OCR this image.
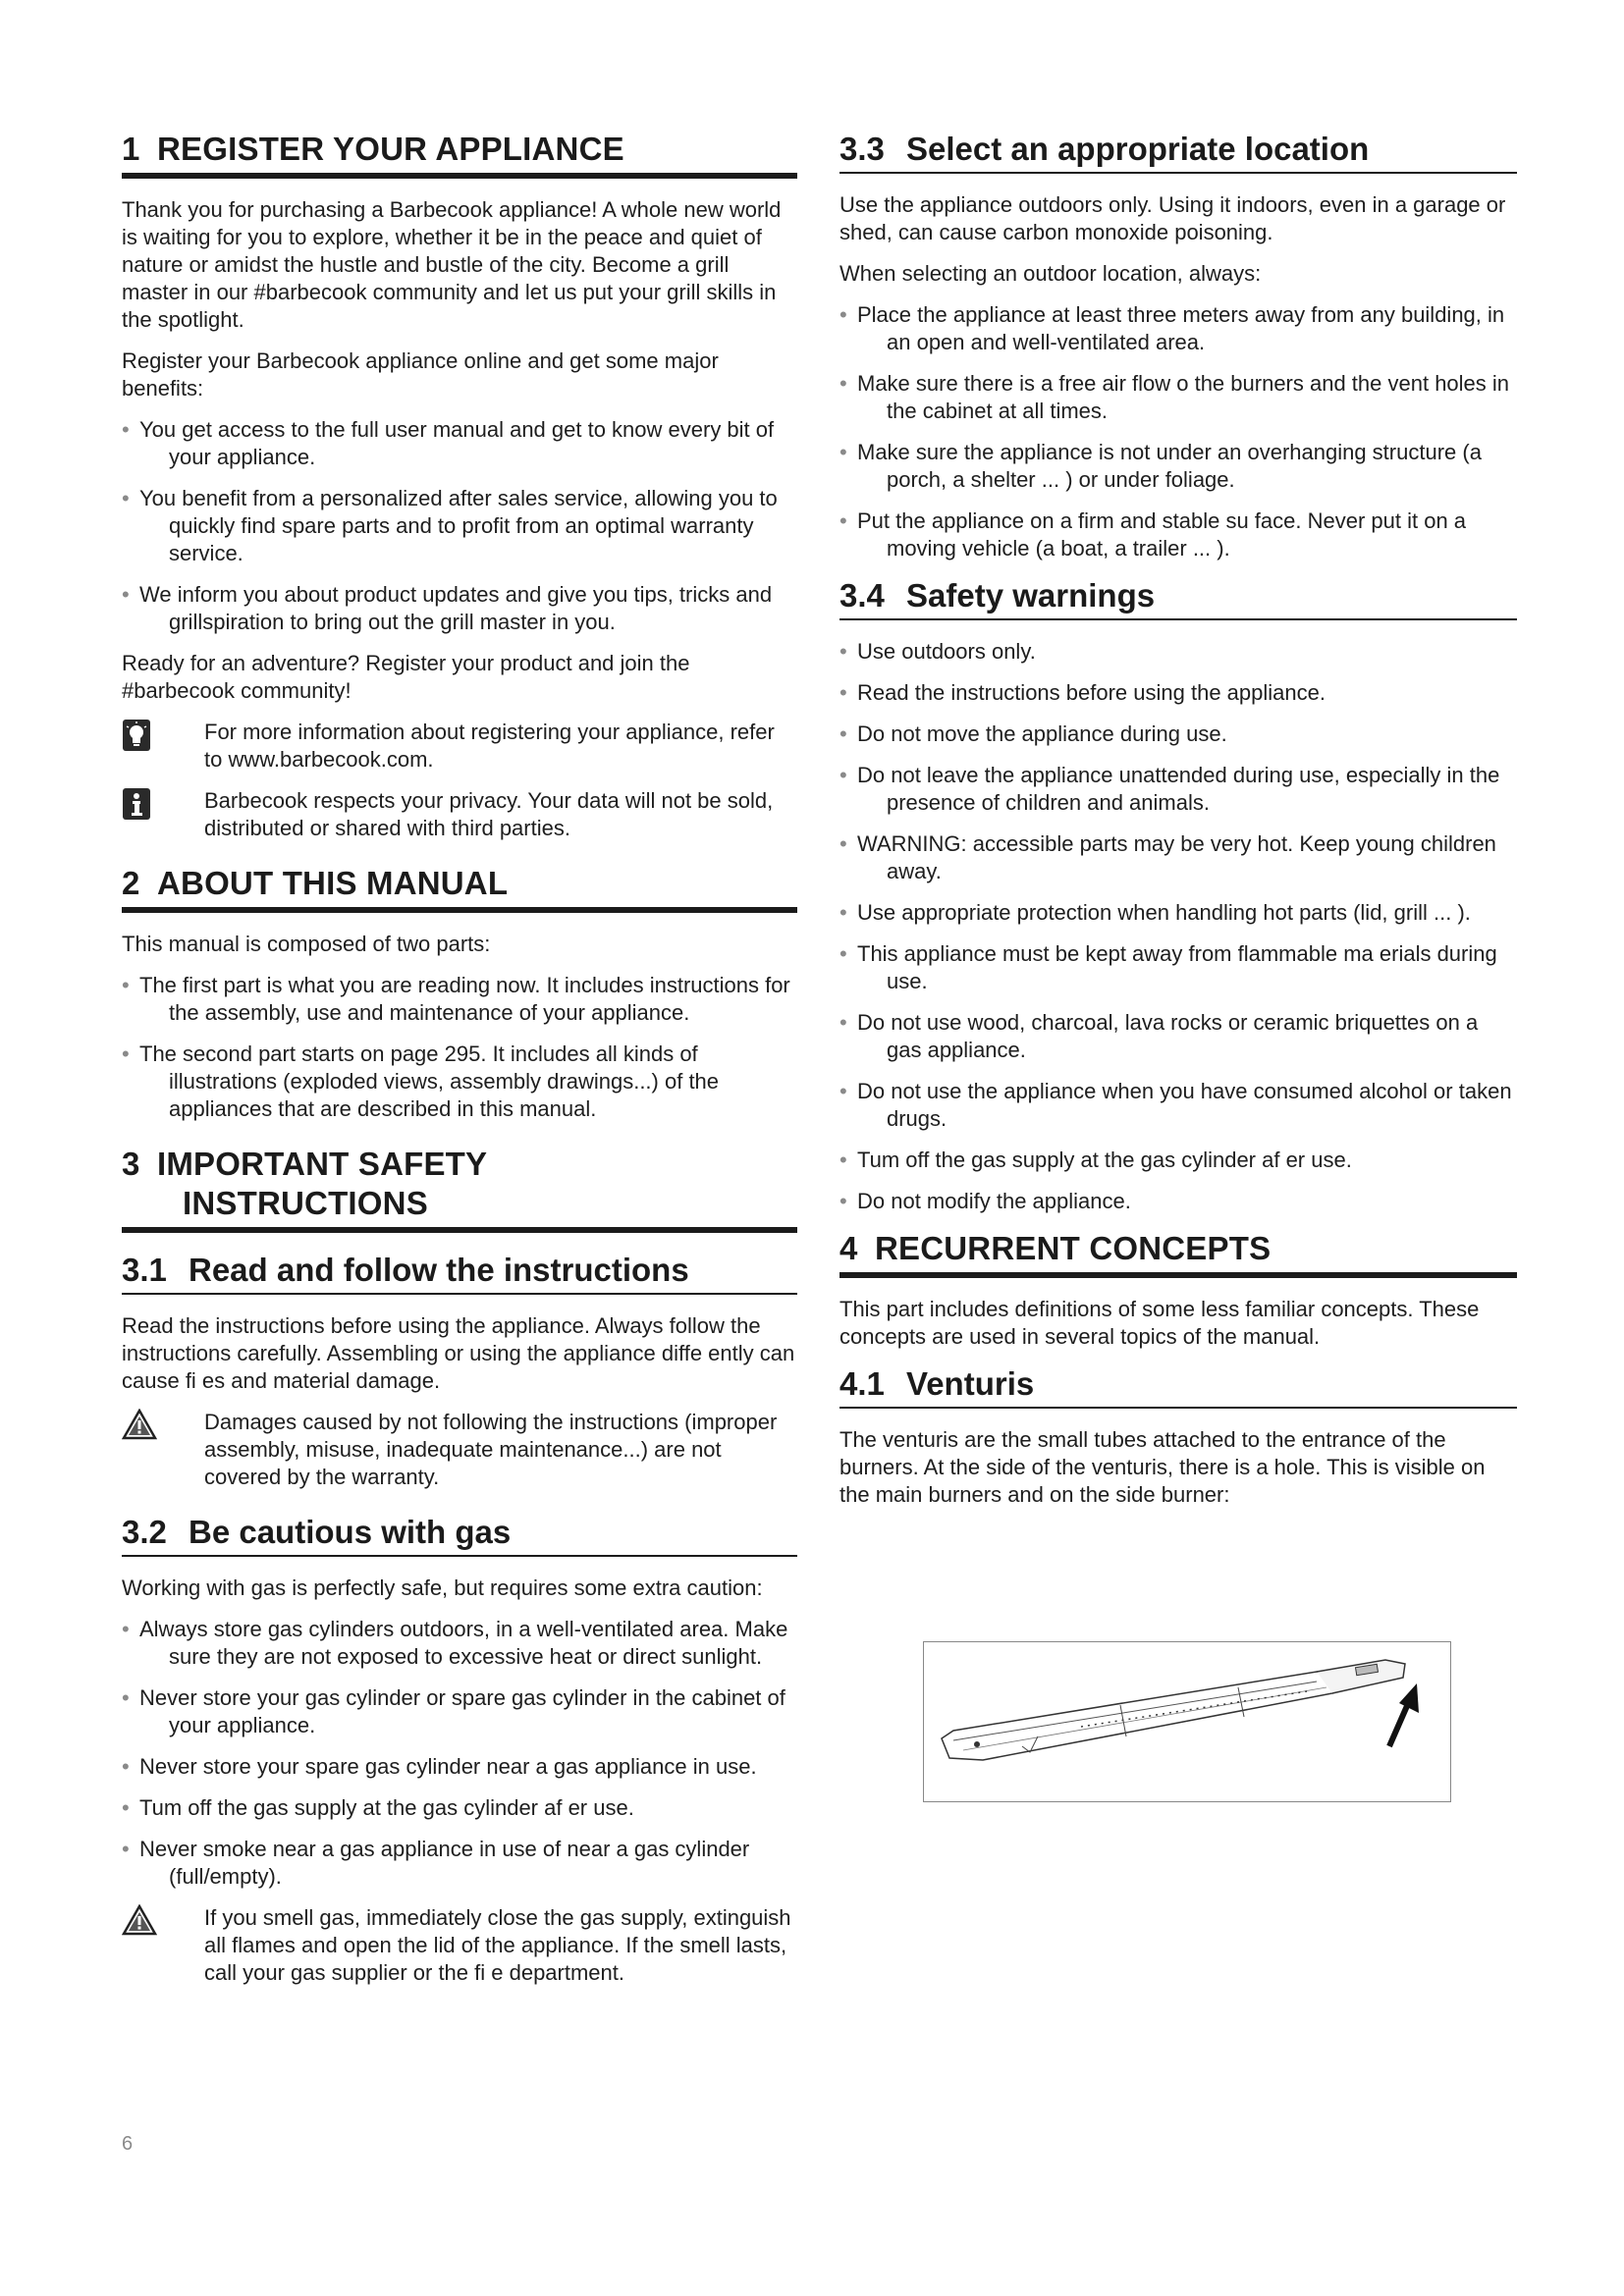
1 REGISTER YOUR APPLIANCE

Thank you for purchasing a Barbecook appliance! A whole new world is waiting for you to explore, whether it be in the peace and quiet of nature or amidst the hustle and bustle of the city. Become a grill master in our #barbecook community and let us put your grill skills in the spotlight.

Register your Barbecook appliance online and get some major benefits:

• You get access to the full user manual and get to know every bit of your appliance.
• You benefit from a personalized after sales service, allowing you to quickly find spare parts and to profit from an optimal warranty service.
• We inform you about product updates and give you tips, tricks and grillspiration to bring out the grill master in you.

Ready for an adventure? Register your product and join the #barbecook community!

For more information about registering your appliance, refer to www.barbecook.com.
Barbecook respects your privacy. Your data will not be sold, distributed or shared with third parties.
2 ABOUT THIS MANUAL

This manual is composed of two parts:

• The first part is what you are reading now. It includes instructions for the assembly, use and maintenance of your appliance.
• The second part starts on page 295. It includes all kinds of illustrations (exploded views, assembly drawings...) of the appliances that are described in this manual.
3 IMPORTANT SAFETY
INSTRUCTIONS
3.1 Read and follow the instructions

Read the instructions before using the appliance. Always follow the instructions carefully. Assembling or using the appliance diffe ently can cause fi es and material damage.

Damages caused by not following the instructions (improper assembly, misuse, inadequate maintenance...) are not covered by the warranty.
3.2 Be cautious with gas

Working with gas is perfectly safe, but requires some extra caution:

• Always store gas cylinders outdoors, in a well-ventilated area. Make sure they are not exposed to excessive heat or direct sunlight.
• Never store your gas cylinder or spare gas cylinder in the cabinet of your appliance.
• Never store your spare gas cylinder near a gas appliance in use.
• Tum off the gas supply at the gas cylinder af er use.
• Never smoke near a gas appliance in use of near a gas cylinder (full/empty).
If you smell gas, immediately close the gas supply, extinguish all flames and open the lid of the appliance. If the smell lasts, call your gas supplier or the fi e department.
3.3 Select an appropriate location

Use the appliance outdoors only. Using it indoors, even in a garage or shed, can cause carbon monoxide poisoning.

When selecting an outdoor location, always:

• Place the appliance at least three meters away from any building, in an open and well-ventilated area.
• Make sure there is a free air flow o the burners and the vent holes in the cabinet at all times.
• Make sure the appliance is not under an overhanging structure (a porch, a shelter ... ) or under foliage.
• Put the appliance on a firm and stable su face. Never put it on a moving vehicle (a boat, a trailer ... ).
3.4 Safety warnings
• Use outdoors only.
• Read the instructions before using the appliance.
• Do not move the appliance during use.
• Do not leave the appliance unattended during use, especially in the presence of children and animals.
• WARNING: accessible parts may be very hot. Keep young children away.
• Use appropriate protection when handling hot parts (lid, grill ... ).
• This appliance must be kept away from flammable ma erials during use.
• Do not use wood, charcoal, lava rocks or ceramic briquettes on a gas appliance.
• Do not use the appliance when you have consumed alcohol or taken drugs.
• Tum off the gas supply at the gas cylinder af er use.
• Do not modify the appliance.
4 RECURRENT CONCEPTS

This part includes definitions of some less familiar concepts. These concepts are used in several topics of the manual.

4.1 Venturis

The venturis are the small tubes attached to the entrance of the burners. At the side of the venturis, there is a hole. This is visible on the main burners and on the side burner:

6
